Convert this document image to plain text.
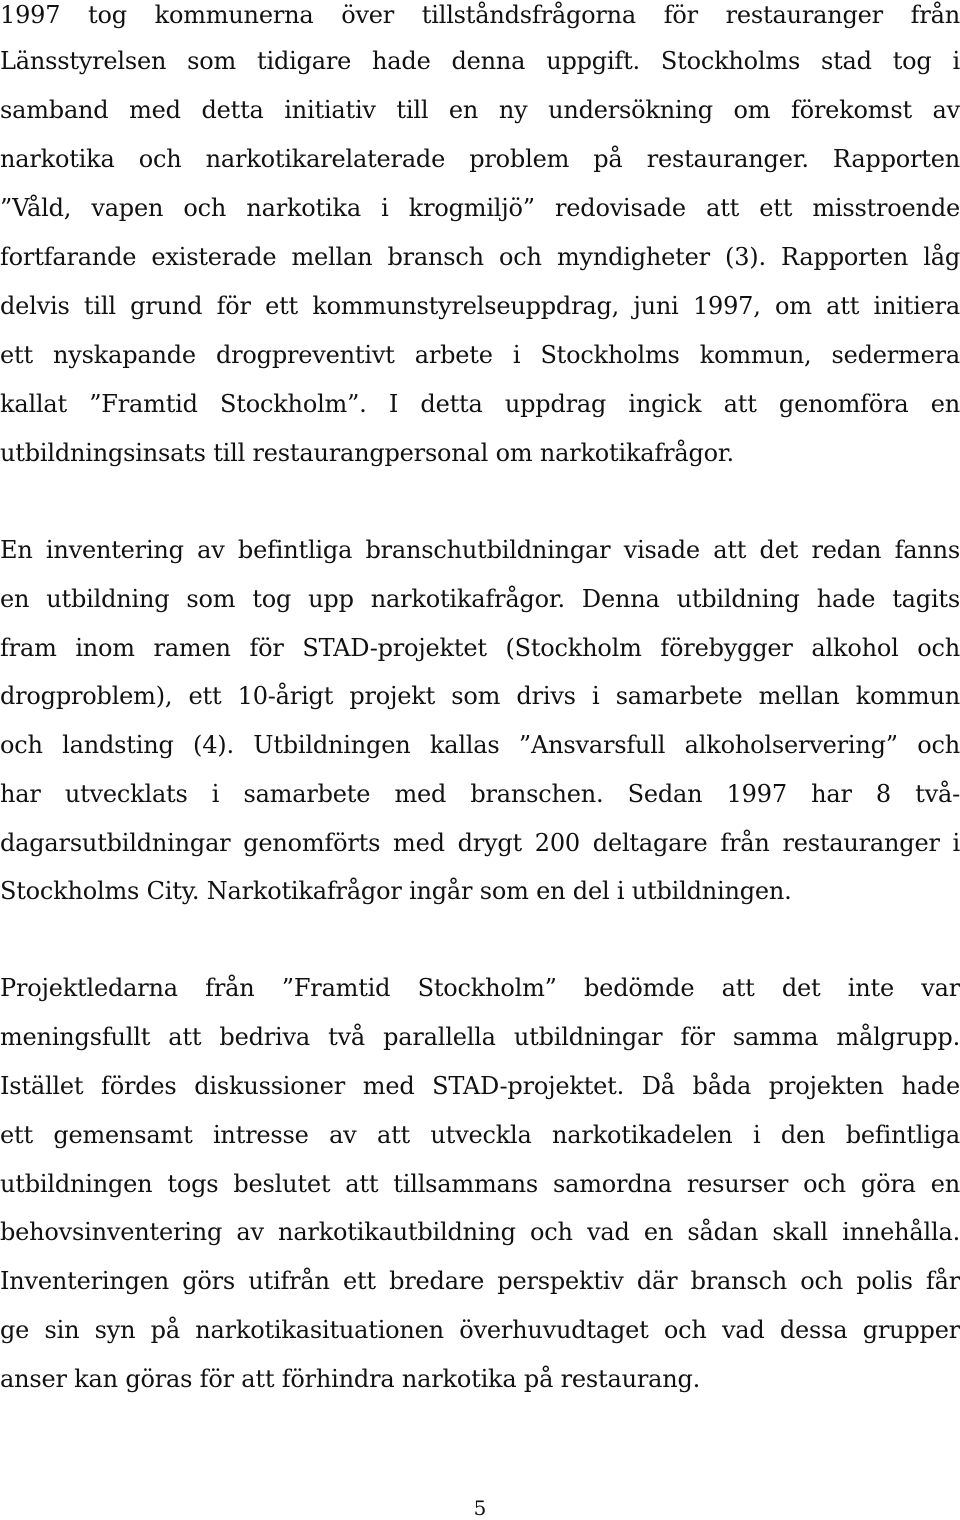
1997 tog kommunerna över tillståndsfrågorna för restauranger från
Länsstyrelsen som tidigare hade denna uppgift. Stockholms stad tog i
samband med detta initiativ till en ny undersökning om förekomst av
narkotika och narkotikarelaterade problem på restauranger. Rapporten
”Våld, vapen och narkotika i krogmiljö” redovisade att ett misstroende
fortfarande existerade mellan bransch och myndigheter (3). Rapporten låg
delvis till grund för ett kommunstyrelseuppdrag, juni 1997, om att initiera
ett nyskapande drogpreventivt arbete i Stockholms kommun, sedermera
kallat ”Framtid Stockholm”. I detta uppdrag ingick att genomföra en
utbildningsinsats till restaurangpersonal om narkotikafrågor.
En inventering av befintliga branschutbildningar visade att det redan fanns
en utbildning som tog upp narkotikafrågor. Denna utbildning hade tagits
fram inom ramen för STAD-projektet (Stockholm förebygger alkohol och
drogproblem), ett 10-årigt projekt som drivs i samarbete mellan kommun
och landsting (4). Utbildningen kallas ”Ansvarsfull alkoholservering” och
har utvecklats i samarbete med branschen. Sedan 1997 har 8 två-
dagarsutbildningar genomförts med drygt 200 deltagare från restauranger i
Stockholms City. Narkotikafrågor ingår som en del i utbildningen.
Projektledarna från ”Framtid Stockholm” bedömde att det inte var
meningsfullt att bedriva två parallella utbildningar för samma målgrupp.
Istället fördes diskussioner med STAD-projektet. Då båda projekten hade
ett gemensamt intresse av att utveckla narkotikadelen i den befintliga
utbildningen togs beslutet att tillsammans samordna resurser och göra en
behovsinventering av narkotikautbildning och vad en sådan skall innehålla.
Inventeringen görs utifrån ett bredare perspektiv där bransch och polis får
ge sin syn på narkotikasituationen överhuvudtaget och vad dessa grupper
anser kan göras för att förhindra narkotika på restaurang.
5
